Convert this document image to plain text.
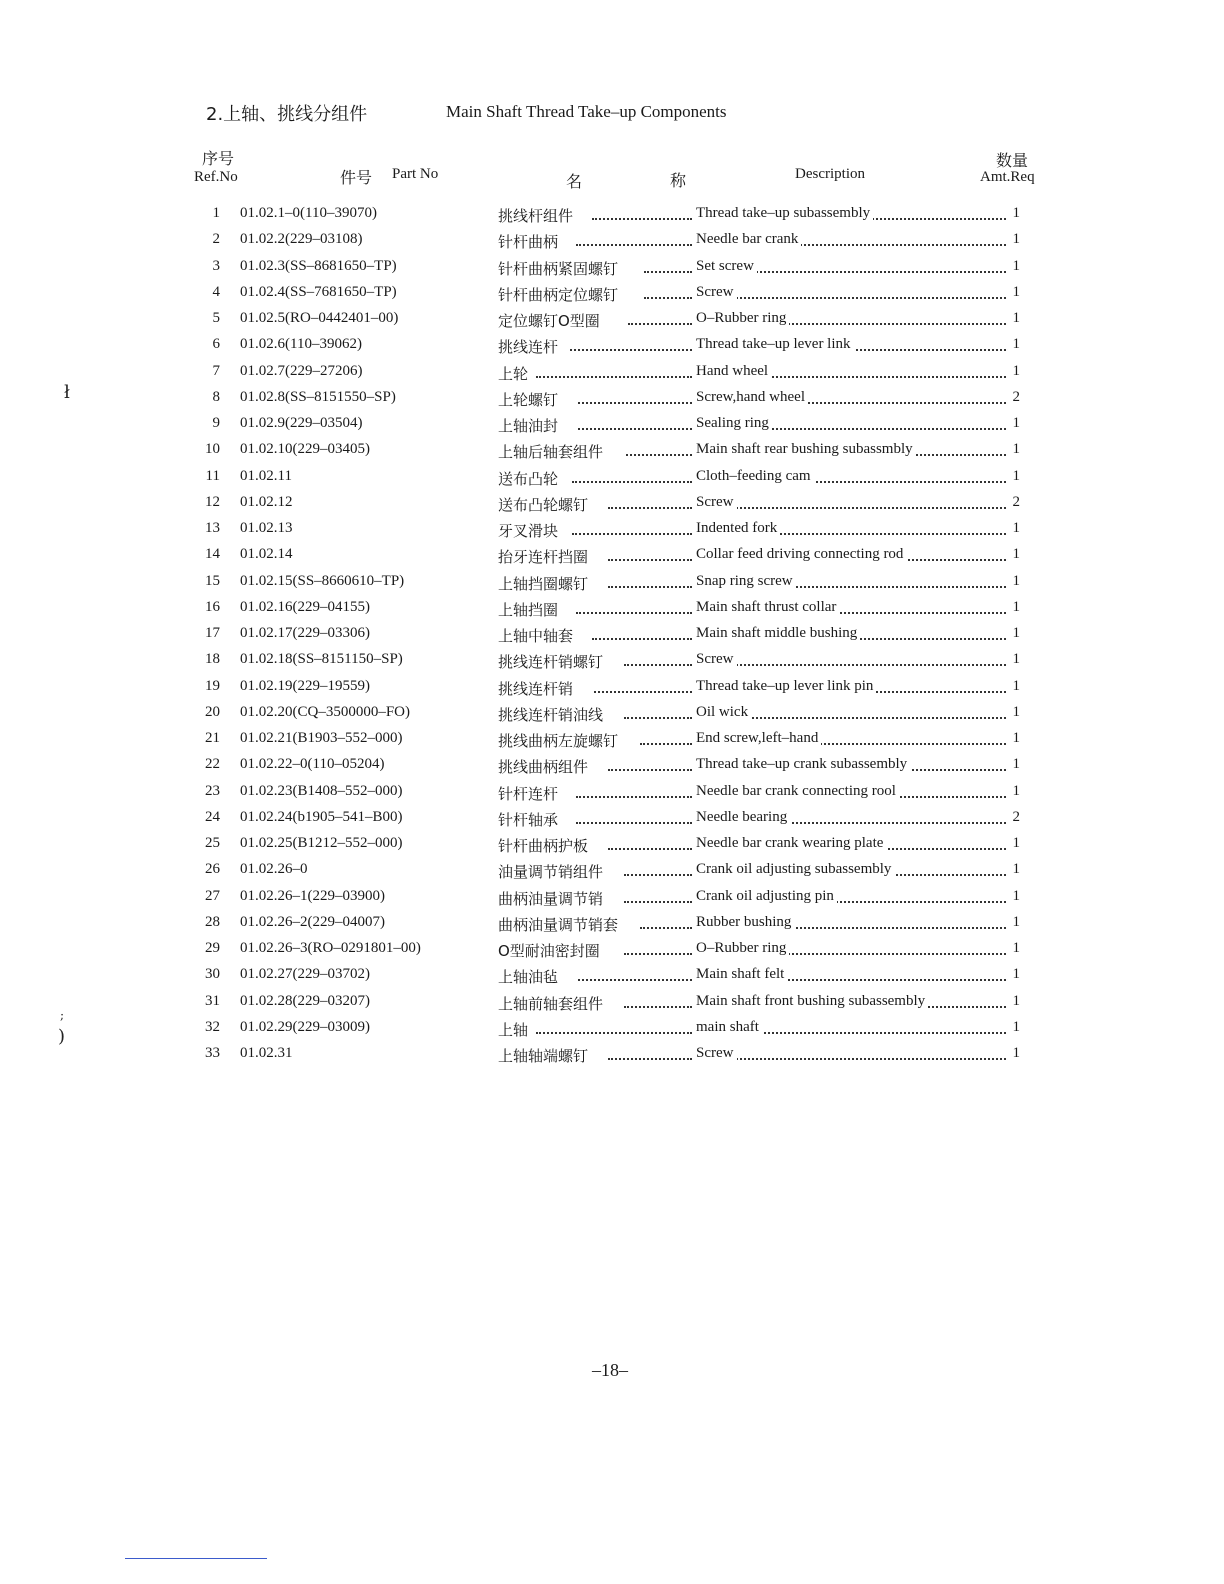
2.上轴、挑线分组件	Main Shaft Thread Take–up Components
序号
Ref.No	件号 Part No	名	称	Description
数量
Amt.Req
1 01.02.1–0(110–39070)	挑线杆组件	Thread take–up subassembly	1
2 01.02.2(229–03108)	针杆曲柄	Needle bar crank	1
3 01.02.3(SS–8681650–TP)	针杆曲柄紧固螺钉	Set screw	1
4 01.02.4(SS–7681650–TP)	针杆曲柄定位螺钉	Screw	1
5 01.02.5(RO–0442401–00)	定位螺钉O型圈	O–Rubber ring	1
6 01.02.6(110–39062)	挑线连杆	Thread take–up lever link	1
7 01.02.7(229–27206)	上轮	Hand wheel	1
8 01.02.8(SS–8151550–SP)	上轮螺钉	Screw,hand wheel	2
9 01.02.9(229–03504)	上轴油封	Sealing ring	1
10 01.02.10(229–03405)	上轴后轴套组件	Main shaft rear bushing subassmbly	1
11 01.02.11	送布凸轮	Cloth–feeding cam	1
12 01.02.12	送布凸轮螺钉	Screw	2
13 01.02.13	牙叉滑块	Indented fork	1
14 01.02.14	抬牙连杆挡圈	Collar feed driving connecting rod	1
15 01.02.15(SS–8660610–TP)	上轴挡圈螺钉	Snap ring screw	1
16 01.02.16(229–04155)	上轴挡圈	Main shaft thrust collar	1
17 01.02.17(229–03306)	上轴中轴套	Main shaft middle bushing	1
18 01.02.18(SS–8151150–SP)	挑线连杆销螺钉	Screw	1
19 01.02.19(229–19559)	挑线连杆销	Thread take–up lever link pin	1
20 01.02.20(CQ–3500000–FO)	挑线连杆销油线	Oil wick	1
21 01.02.21(B1903–552–000)	挑线曲柄左旋螺钉	End screw,left–hand	1
22 01.02.22–0(110–05204)	挑线曲柄组件	Thread take–up crank subassembly	1
23 01.02.23(B1408–552–000)	针杆连杆	Needle bar crank connecting rool	1
24 01.02.24(b1905–541–B00)	针杆轴承	Needle bearing	2
25 01.02.25(B1212–552–000)	针杆曲柄护板	Needle bar crank wearing plate	1
26 01.02.26–0	油量调节销组件	Crank oil adjusting subassembly	1
27 01.02.26–1(229–03900)	曲柄油量调节销	Crank oil adjusting pin	1
28 01.02.26–2(229–04007)	曲柄油量调节销套	Rubber bushing	1
29 01.02.26–3(RO–0291801–00)	O型耐油密封圈	O–Rubber ring	1
30 01.02.27(229–03702)	上轴油毡	Main shaft felt	1
31 01.02.28(229–03207)	上轴前轴套组件	Main shaft front bushing subassembly	1
32 01.02.29(229–03009)	上轴	main shaft	1
33 01.02.31	上轴轴端螺钉	Screw	1
–18–
ł
;
)
